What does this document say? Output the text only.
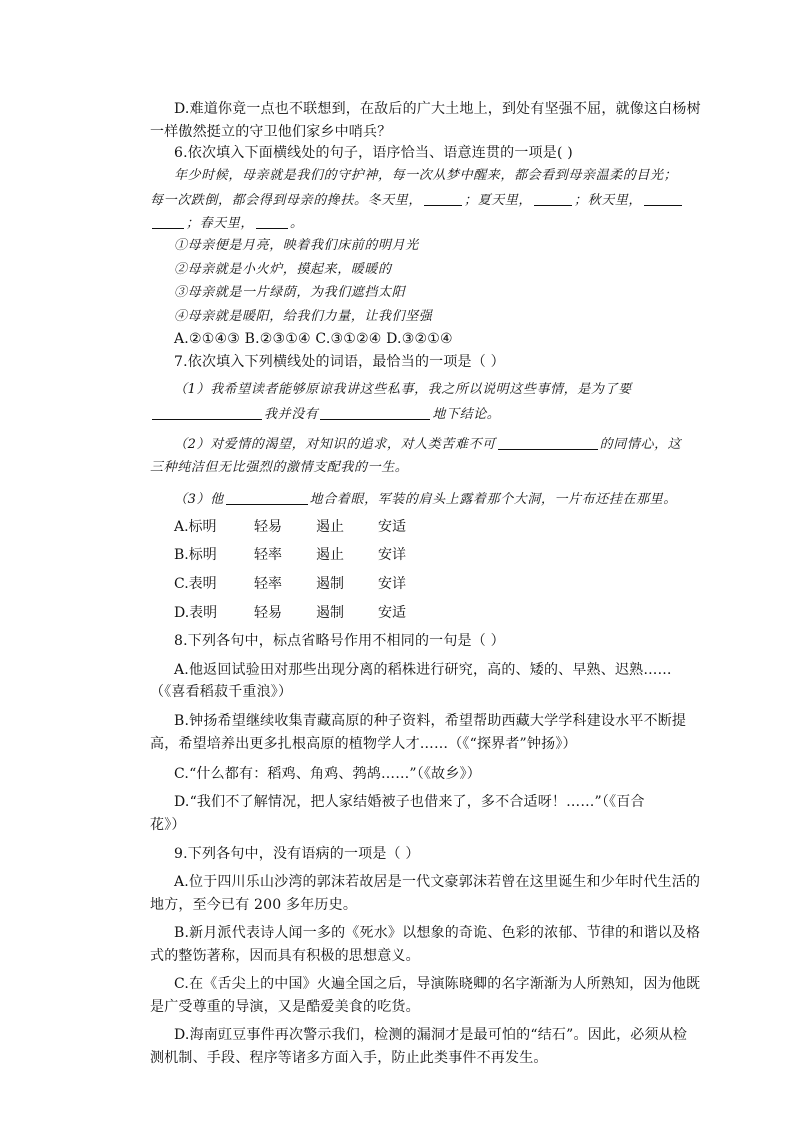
D.难道你竟一点也不联想到，在敌后的广大土地上，到处有坚强不屈，就像这白杨树
一样傲然挺立的守卫他们家乡中哨兵？
6.依次填入下面横线处的句子，语序恰当、语意连贯的一项是( )
年少时候，母亲就是我们的守护神，每一次从梦中醒来，都会看到母亲温柔的目光；
每一次跌倒，都会得到母亲的搀扶。冬天里，	；夏天里，	；秋天里，
；春天里，	。
①母亲便是月亮，映着我们床前的明月光
②母亲就是小火炉，摸起来，暖暖的
③母亲就是一片绿荫，为我们遮挡太阳
④母亲就是暖阳，给我们力量，让我们坚强
A.②①④③ B.②③①④ C.③①②④ D.③②①④
7.依次填入下列横线处的词语，最恰当的一项是（ ）
（1）我希望读者能够原谅我讲这些私事，我之所以说明这些事情，是为了要
我并没有	地下结论。
（2）对爱情的渴望，对知识的追求，对人类苦难不可	的同情心，这
三种纯洁但无比强烈的激情支配我的一生。
（3）他	地合着眼，军装的肩头上露着那个大洞，一片布还挂在那里。
A.标明	轻易 遏止 安适
B.标明	轻率 遏止 安详
C.表明	轻率 遏制 安详
D.表明	轻易 遏制 安适
8.下列各句中，标点省略号作用不相同的一句是（ ）
A.他返回试验田对那些出现分离的稻株进行研究，高的、矮的、早熟、迟熟……
（《喜看稻菽千重浪》）
B.钟扬希望继续收集青藏高原的种子资料，希望帮助西藏大学学科建设水平不断提
高，希望培养出更多扎根高原的植物学人才……（《“探界者”钟扬》）
C.“什么都有：稻鸡、角鸡、鹁鸪……”（《故乡》）
D.“我们不了解情况，把人家结婚被子也借来了，多不合适呀！……”（《百合
花》）
9.下列各句中，没有语病的一项是（ ）
A.位于四川乐山沙湾的郭沫若故居是一代文豪郭沫若曾在这里诞生和少年时代生活的
地方，至今已有 200 多年历史。
B.新月派代表诗人闻一多的《死水》以想象的奇诡、色彩的浓郁、节律的和谐以及格
式的整饬著称，因而具有积极的思想意义。
C.在《舌尖上的中国》火遍全国之后，导演陈晓卿的名字渐渐为人所熟知，因为他既
是广受尊重的导演，又是酷爱美食的吃货。
D.海南豇豆事件再次警示我们，检测的漏洞才是最可怕的“结石”。因此，必须从检
测机制、手段、程序等诸多方面入手，防止此类事件不再发生。
